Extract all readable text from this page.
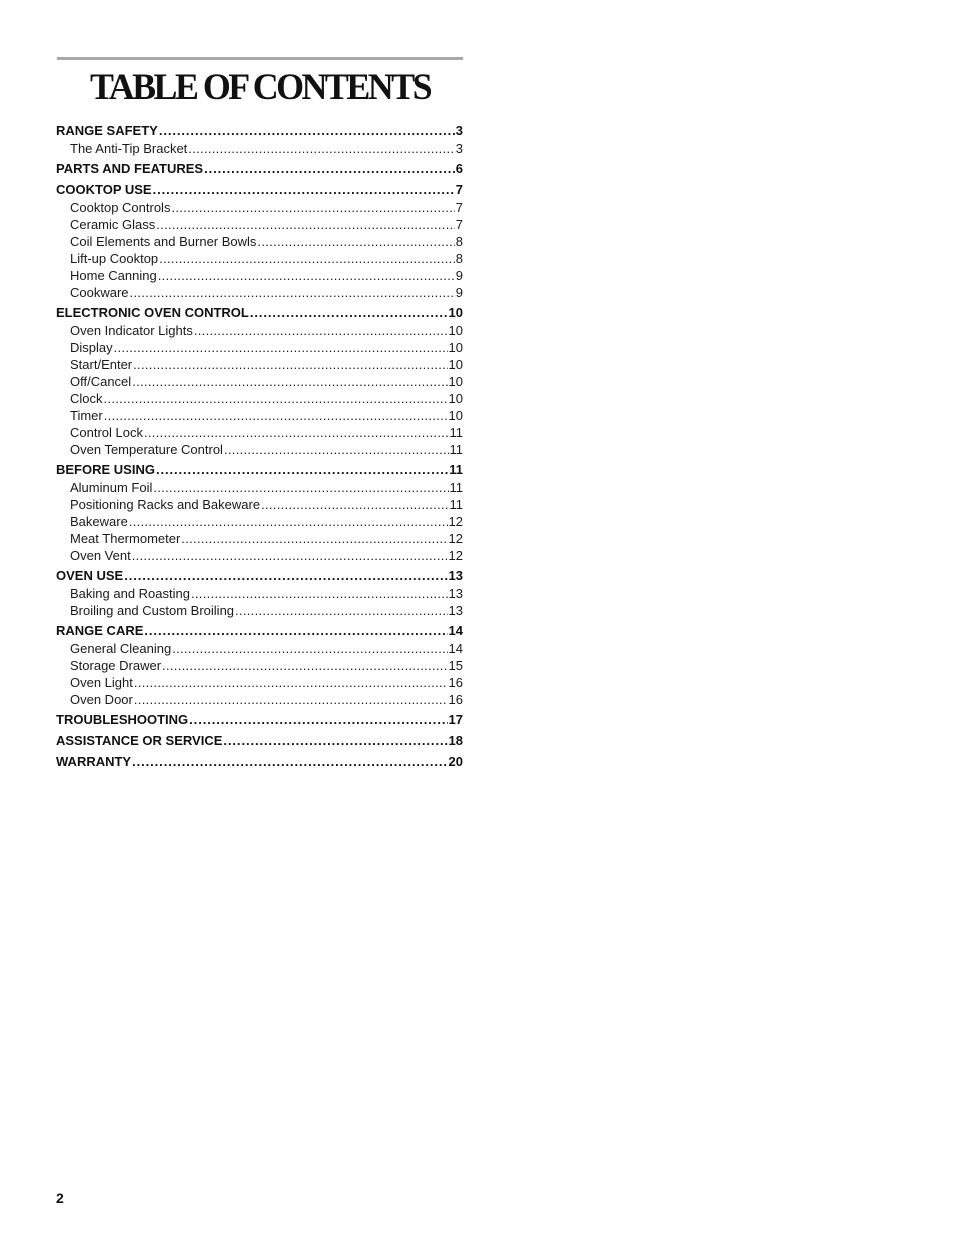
TABLE OF CONTENTS
RANGE SAFETY .....	3
The Anti-Tip Bracket .....	3
PARTS AND FEATURES .....	6
COOKTOP USE .....	7
Cooktop Controls .....	7
Ceramic Glass .....	7
Coil Elements and Burner Bowls .....	8
Lift-up Cooktop .....	8
Home Canning .....	9
Cookware .....	9
ELECTRONIC OVEN CONTROL .....	10
Oven Indicator Lights .....	10
Display .....	10
Start/Enter .....	10
Off/Cancel .....	10
Clock .....	10
Timer .....	10
Control Lock .....	11
Oven Temperature Control .....	11
BEFORE USING .....	11
Aluminum Foil .....	11
Positioning Racks and Bakeware .....	11
Bakeware .....	12
Meat Thermometer .....	12
Oven Vent .....	12
OVEN USE .....	13
Baking and Roasting .....	13
Broiling and Custom Broiling .....	13
RANGE CARE .....	14
General Cleaning .....	14
Storage Drawer .....	15
Oven Light .....	16
Oven Door .....	16
TROUBLESHOOTING .....	17
ASSISTANCE OR SERVICE .....	18
WARRANTY .....	20
2
